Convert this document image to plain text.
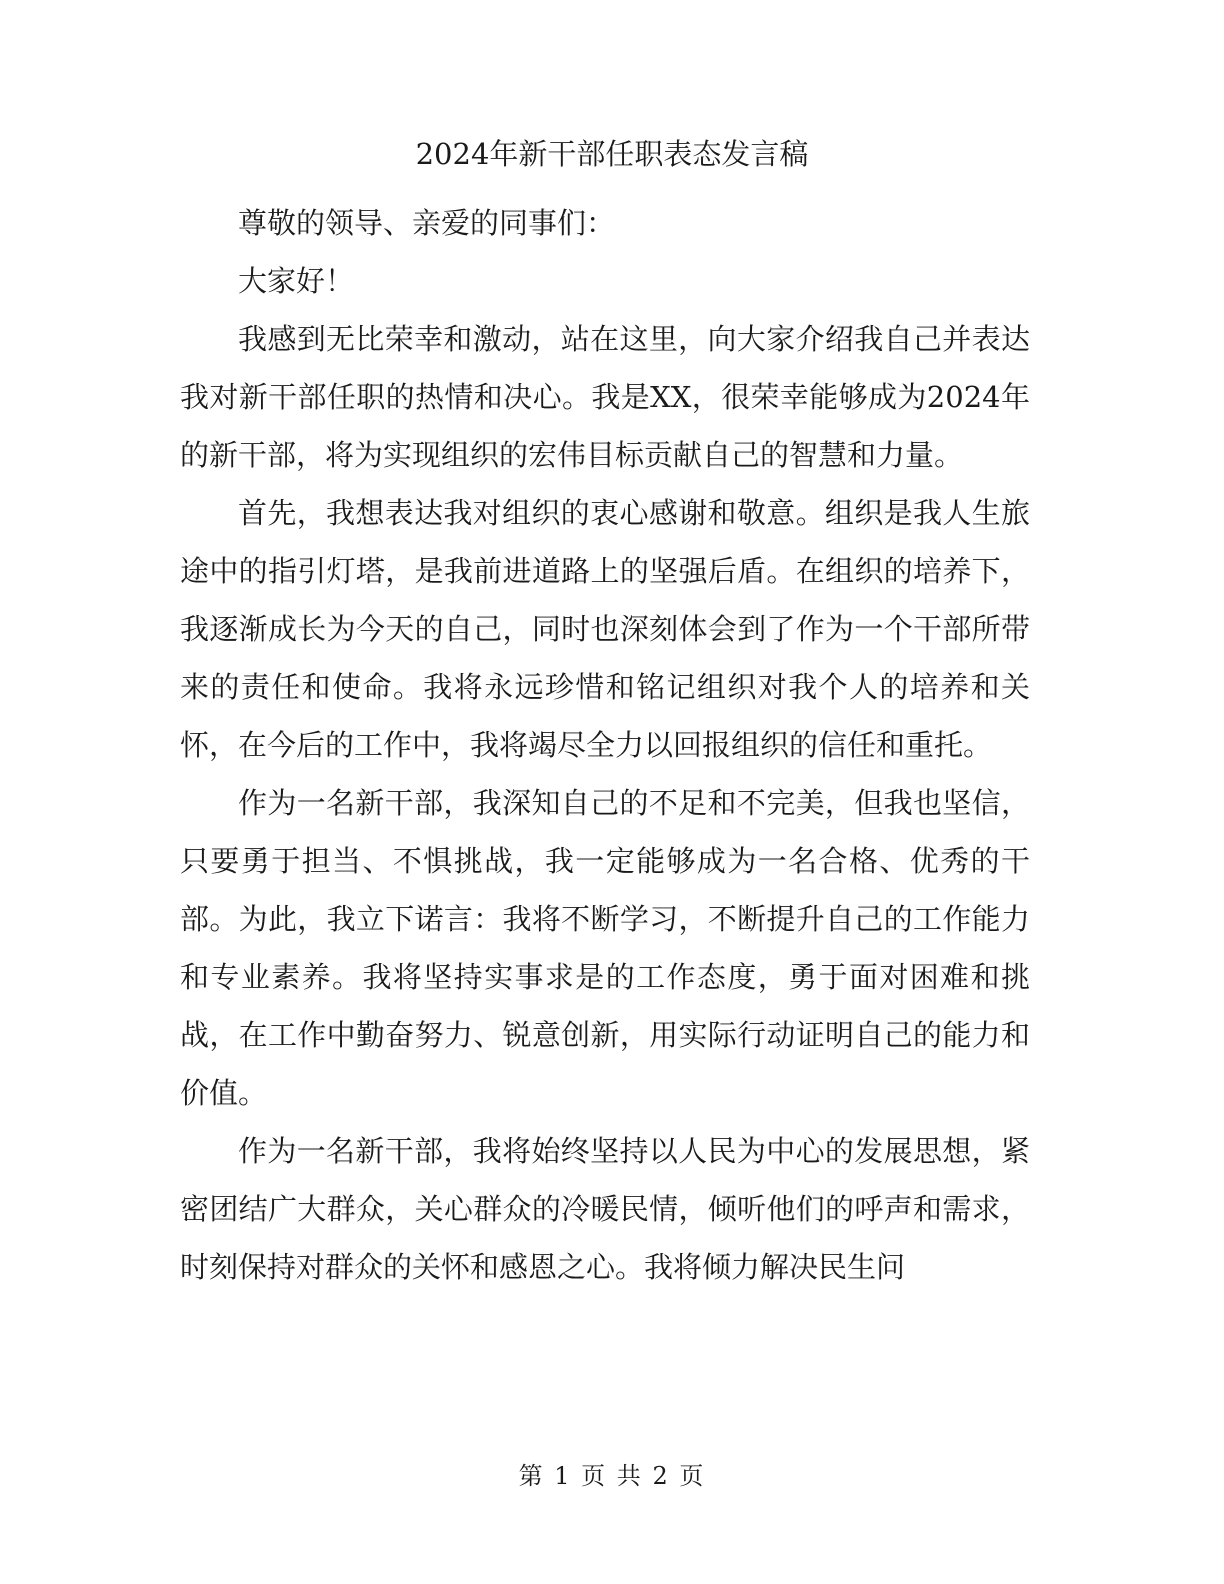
2024年新干部任职表态发言稿

尊敬的领导、亲爱的同事们：

大家好！

我感到无比荣幸和激动，站在这里，向大家介绍我自己并表达我对新干部任职的热情和决心。我是XX，很荣幸能够成为2024年的新干部，将为实现组织的宏伟目标贡献自己的智慧和力量。

首先，我想表达我对组织的衷心感谢和敬意。组织是我人生旅途中的指引灯塔，是我前进道路上的坚强后盾。在组织的培养下，我逐渐成长为今天的自己，同时也深刻体会到了作为一个干部所带来的责任和使命。我将永远珍惜和铭记组织对我个人的培养和关怀，在今后的工作中，我将竭尽全力以回报组织的信任和重托。

作为一名新干部，我深知自己的不足和不完美，但我也坚信，只要勇于担当、不惧挑战，我一定能够成为一名合格、优秀的干部。为此，我立下诺言：我将不断学习，不断提升自己的工作能力和专业素养。我将坚持实事求是的工作态度，勇于面对困难和挑战，在工作中勤奋努力、锐意创新，用实际行动证明自己的能力和价值。

作为一名新干部，我将始终坚持以人民为中心的发展思想，紧密团结广大群众，关心群众的冷暖民情，倾听他们的呼声和需求，时刻保持对群众的关怀和感恩之心。我将倾力解决民生问

第 1 页 共 2 页
